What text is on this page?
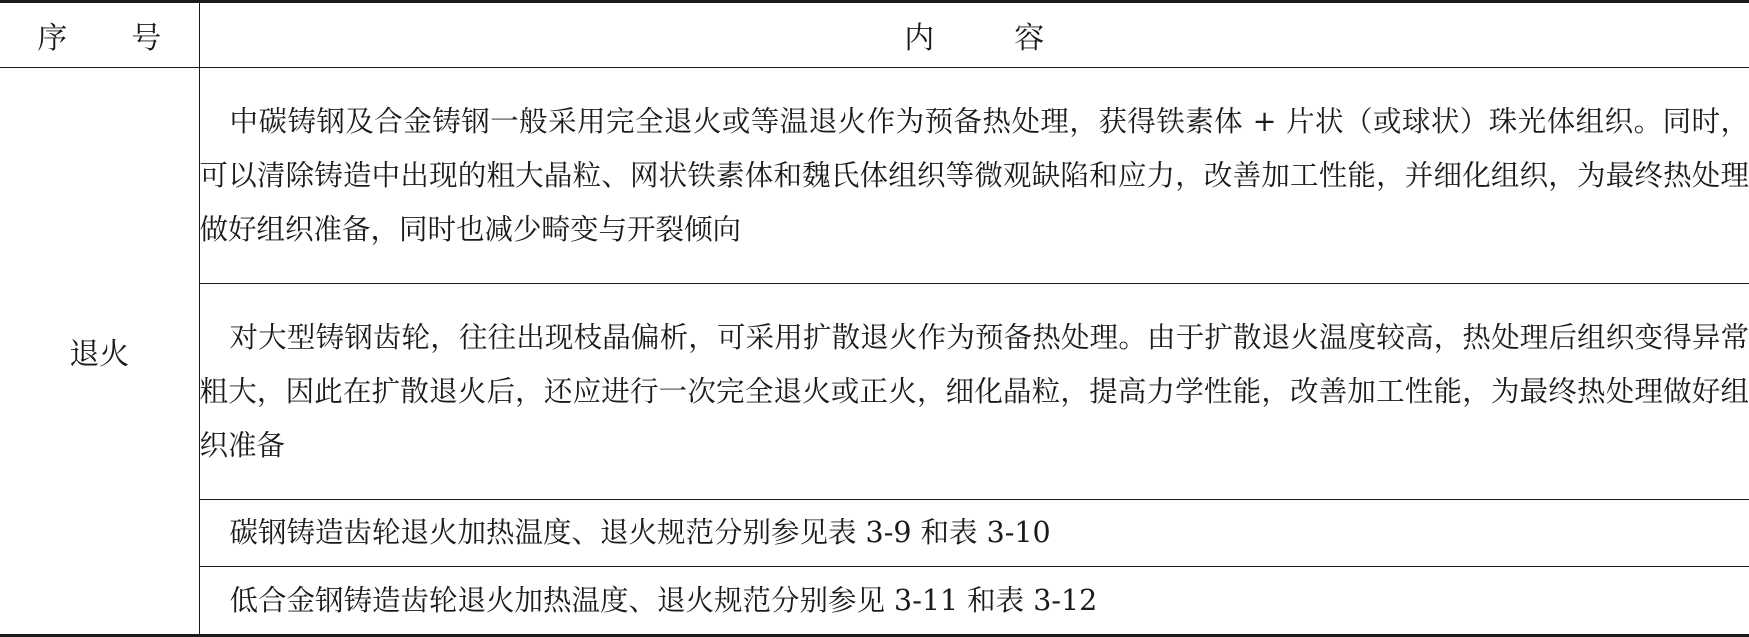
序号	内容
退火	中碳铸钢及合金铸钢一般采用完全退火或等温退火作为预备热处理，获得铁素体 + 片状（或球状）珠光体组织。同时，可以清除铸造中出现的粗大晶粒、网状铁素体和魏氏体组织等微观缺陷和应力，改善加工性能，并细化组织，为最终热处理做好组织准备，同时也减少畸变与开裂倾向

	对大型铸钢齿轮，往往出现枝晶偏析，可采用扩散退火作为预备热处理。由于扩散退火温度较高，热处理后组织变得异常粗大，因此在扩散退火后，还应进行一次完全退火或正火，细化晶粒，提高力学性能，改善加工性能，为最终热处理做好组织准备

	碳钢铸造齿轮退火加热温度、退火规范分别参见表 3-9 和表 3-10

	低合金钢铸造齿轮退火加热温度、退火规范分别参见 3-11 和表 3-12
